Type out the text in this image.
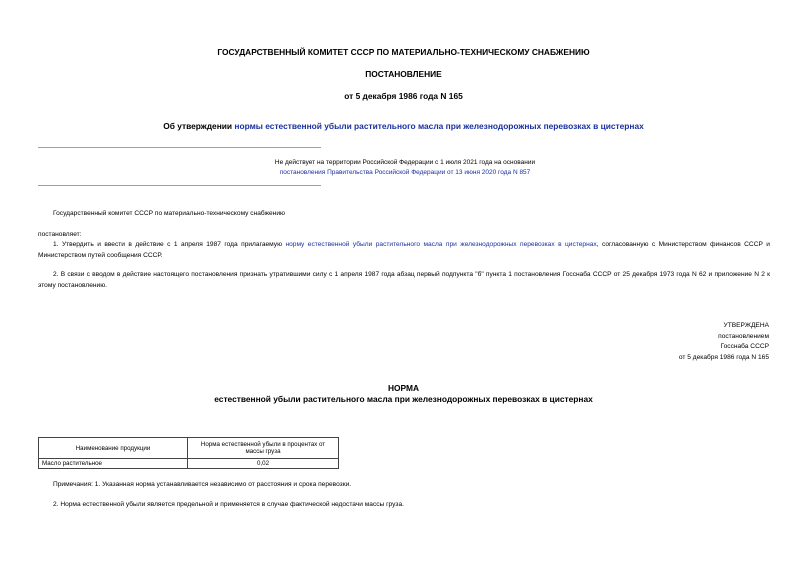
ГОСУДАРСТВЕННЫЙ КОМИТЕТ СССР ПО МАТЕРИАЛЬНО-ТЕХНИЧЕСКОМУ СНАБЖЕНИЮ
ПОСТАНОВЛЕНИЕ
от 5 декабря 1986 года N 165
Об утверждении нормы естественной убыли растительного масла при железнодорожных перевозках в цистернах
Не действует на территории Российской Федерации с 1 июля 2021 года на основании
постановления Правительства Российской Федерации от 13 июня 2020 года N 857
Государственный комитет СССР по материально-техническому снабжению
постановляет:
1. Утвердить и ввести в действие с 1 апреля 1987 года прилагаемую норму естественной убыли растительного масла при железнодорожных перевозках в цистернах, согласованную с Министерством финансов СССР и Министерством путей сообщения СССР.
2. В связи с вводом в действие настоящего постановления признать утратившими силу с 1 апреля 1987 года абзац первый подпункта "б" пункта 1 постановления Госснаба СССР от 25 декабря 1973 года N 62 и приложение N 2 к этому постановлению.
УТВЕРЖДЕНА
постановлением
Госснаба СССР
от 5 декабря 1986 года N 165
НОРМА
естественной убыли растительного масла при железнодорожных перевозках в цистернах
Наименование продукции	Норма естественной убыли в процентах от массы груза
Масло растительное	0,02
Примечания: 1. Указанная норма устанавливается независимо от расстояния и срока перевозки.
2. Норма естественной убыли является предельной и применяется в случае фактической недостачи массы груза.
